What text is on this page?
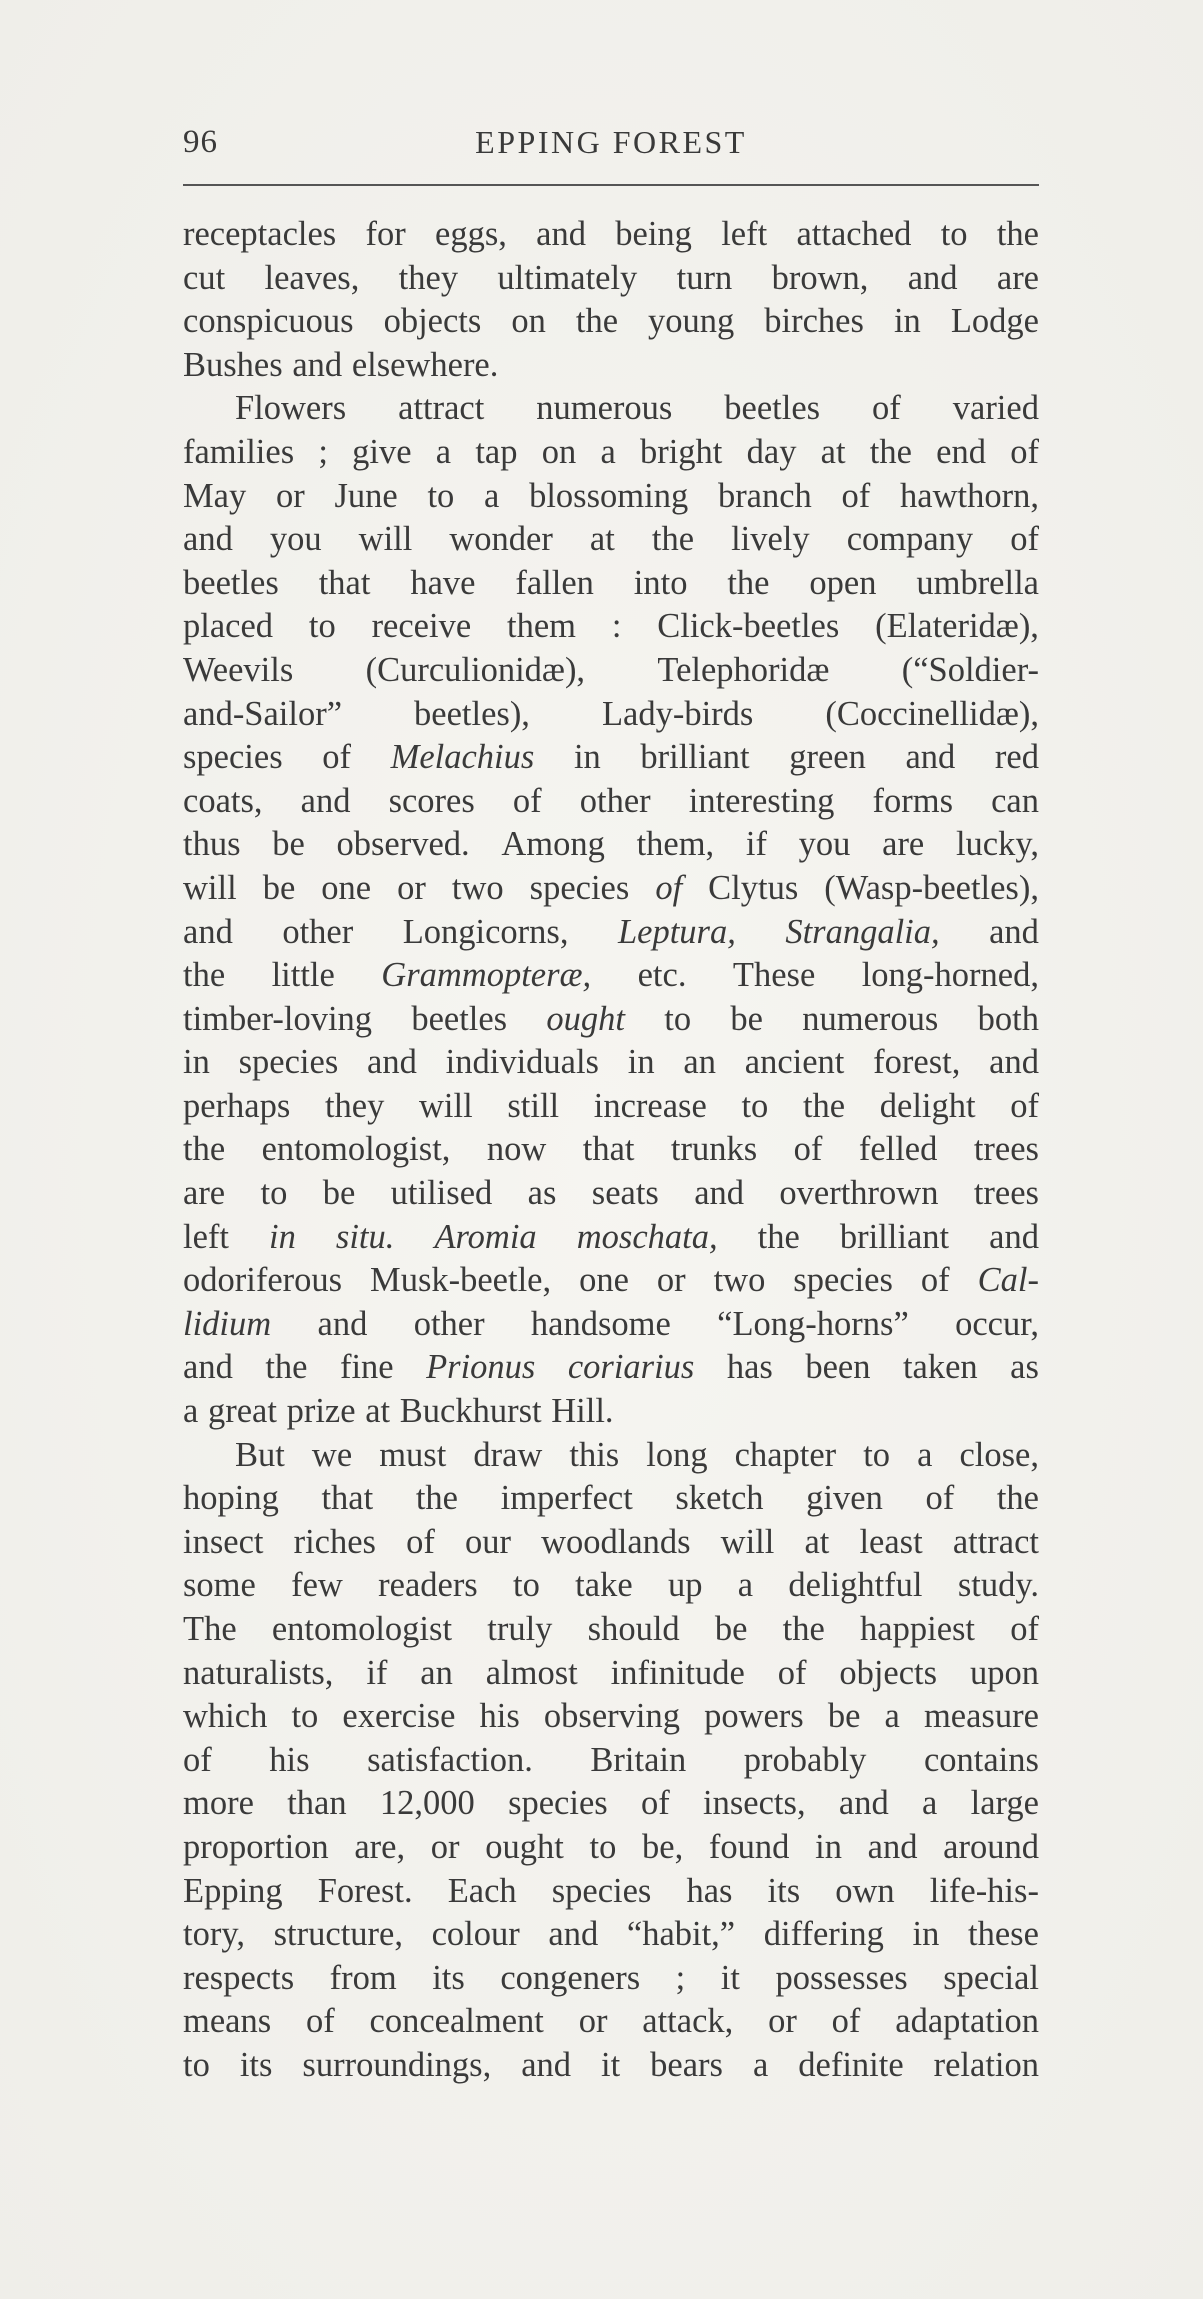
96	EPPING FOREST
receptacles for eggs, and being left attached to the
cut leaves, they ultimately turn brown, and are
conspicuous objects on the young birches in Lodge
Bushes and elsewhere.
Flowers attract numerous beetles of varied
families ; give a tap on a bright day at the end of
May or June to a blossoming branch of hawthorn,
and you will wonder at the lively company of
beetles that have fallen into the open umbrella
placed to receive them : Click-beetles (Elateridæ),
Weevils (Curculionidæ), Telephoridæ (“Soldier-
and-Sailor” beetles), Lady-birds (Coccinellidæ),
species of Melachius in brilliant green and red
coats, and scores of other interesting forms can
thus be observed. Among them, if you are lucky,
will be one or two species of Clytus (Wasp-beetles),
and other Longicorns, Leptura, Strangalia, and
the little Grammopteræ, etc. These long-horned,
timber-loving beetles ought to be numerous both
in species and individuals in an ancient forest, and
perhaps they will still increase to the delight of
the entomologist, now that trunks of felled trees
are to be utilised as seats and overthrown trees
left in situ. Aromia moschata, the brilliant and
odoriferous Musk-beetle, one or two species of Cal-
lidium and other handsome “Long-horns” occur,
and the fine Prionus coriarius has been taken as
a great prize at Buckhurst Hill.
But we must draw this long chapter to a close,
hoping that the imperfect sketch given of the
insect riches of our woodlands will at least attract
some few readers to take up a delightful study.
The entomologist truly should be the happiest of
naturalists, if an almost infinitude of objects upon
which to exercise his observing powers be a measure
of his satisfaction. Britain probably contains
more than 12,000 species of insects, and a large
proportion are, or ought to be, found in and around
Epping Forest. Each species has its own life-his-
tory, structure, colour and “habit,” differing in these
respects from its congeners ; it possesses special
means of concealment or attack, or of adaptation
to its surroundings, and it bears a definite relation
